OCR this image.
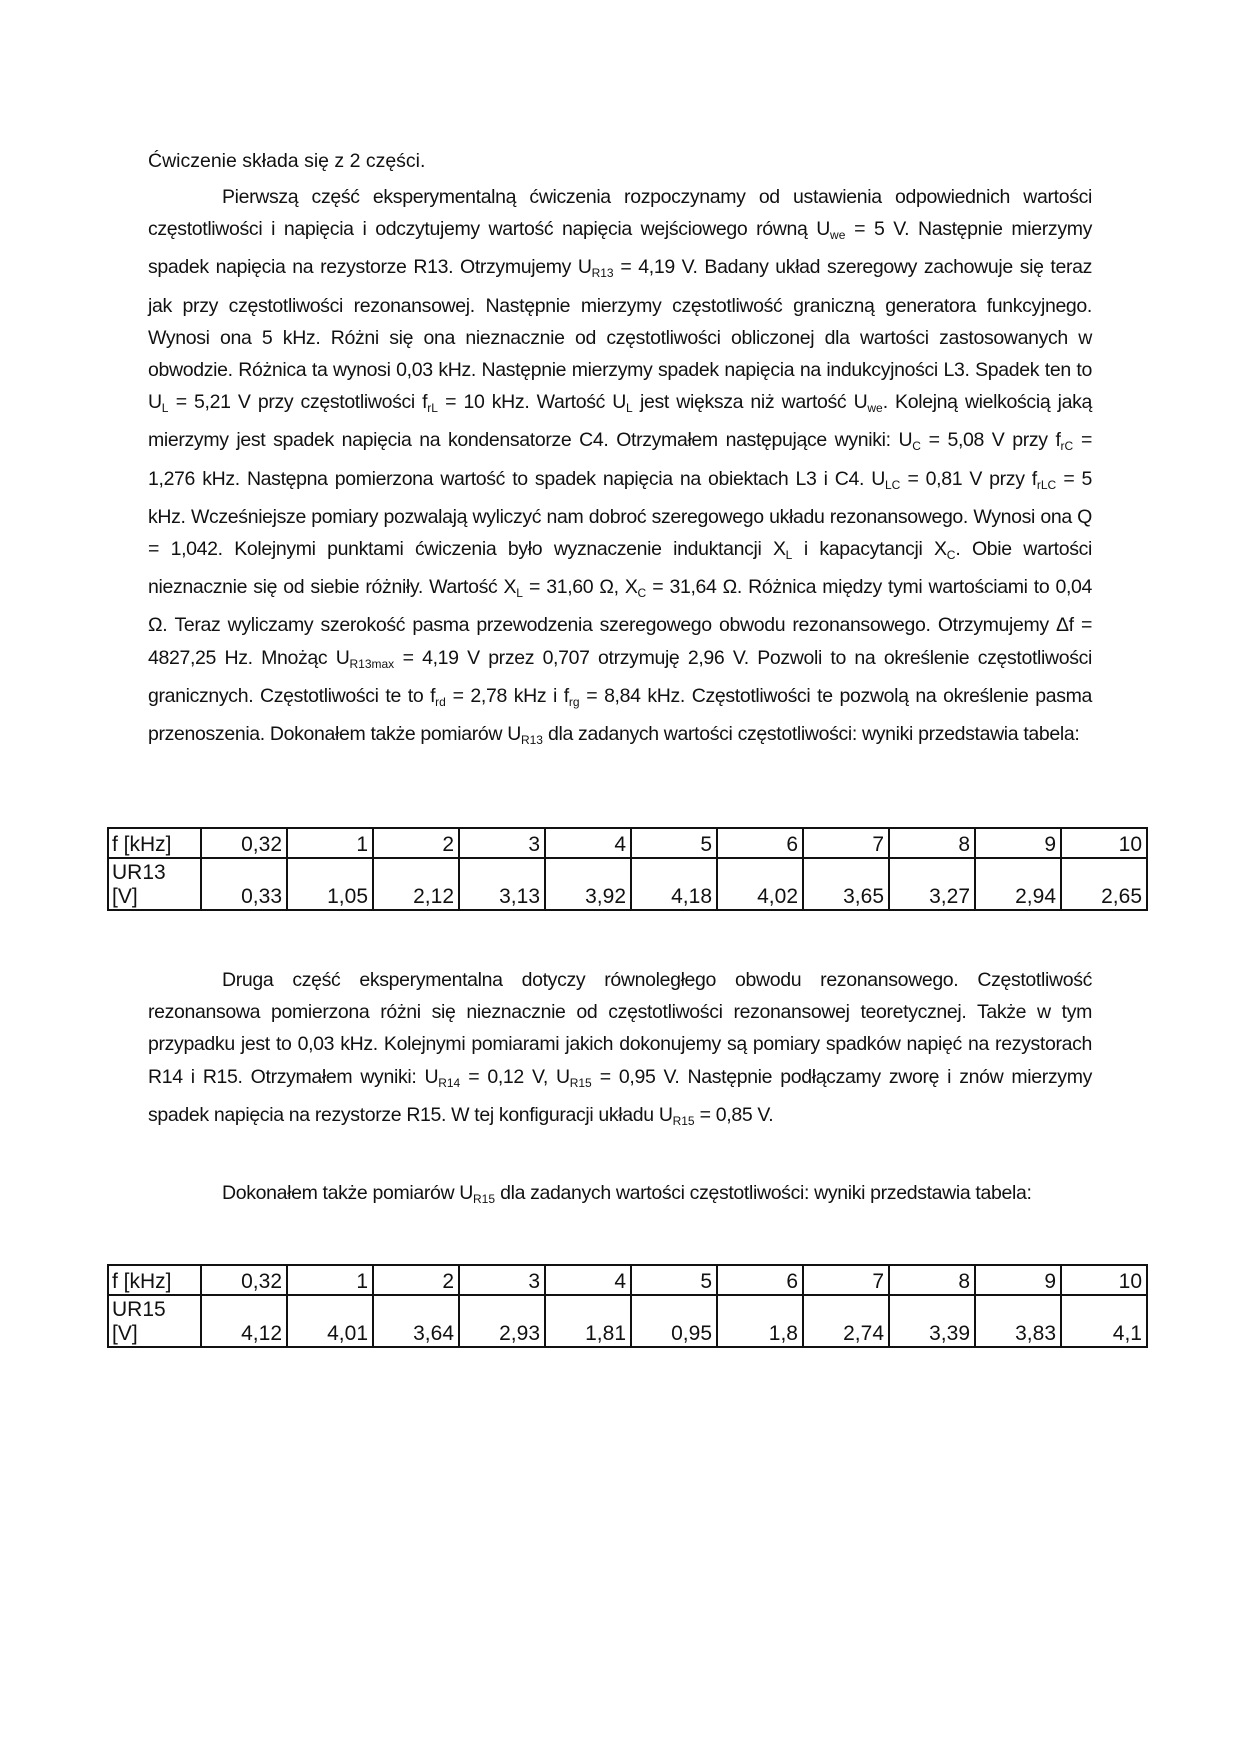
Ćwiczenie składa się z 2 części.

Pierwszą część eksperymentalną ćwiczenia rozpoczynamy od ustawienia odpowiednich wartości częstotliwości i napięcia i odczytujemy wartość napięcia wejściowego równą $U_{we} = 5$ V. Następnie mierzymy spadek napięcia na rezystorze R13. Otrzymujemy $U_{R13} = 4,19$ V. Badany układ szeregowy zachowuje się teraz jak przy częstotliwości rezonansowej. Następnie mierzymy częstotliwość graniczną generatora funkcyjnego. Wynosi ona 5 kHz. Różni się ona nieznacznie od częstotliwości obliczonej dla wartości zastosowanych w obwodzie. Różnica ta wynosi 0,03 kHz. Następnie mierzymy spadek napięcia na indukcyjności L3. Spadek ten to $U_L = 5,21$ V przy częstotliwości $f_{rL} = 10$ kHz. Wartość $U_L$ jest większa niż wartość $U_{we}$. Kolejną wielkością jaką mierzymy jest spadek napięcia na kondensatorze C4. Otrzymałem następujące wyniki: $U_C = 5,08$ V przy $f_{rC} = 1,276$ kHz. Następna pomierzona wartość to spadek napięcia na obiektach L3 i C4. $U_{LC} = 0,81$ V przy $f_{rLC} = 5$ kHz. Wcześniejsze pomiary pozwalają wyliczyć nam dobroć szeregowego układu rezonansowego. Wynosi ona Q = 1,042. Kolejnymi punktami ćwiczenia było wyznaczenie induktancji $X_L$ i kapacytancji $X_C$. Obie wartości nieznacznie się od siebie różniły. Wartość $X_L = 31,60$ Ω, $X_C = 31,64$ Ω. Różnica między tymi wartościami to 0,04 Ω. Teraz wyliczamy szerokość pasma przewodzenia szeregowego obwodu rezonansowego. Otrzymujemy Δf = 4827,25 Hz. Mnożąc $U_{R13max} = 4,19$ V przez 0,707 otrzymuję 2,96 V. Pozwoli to na określenie częstotliwości granicznych. Częstotliwości te to $f_{rd} = 2,78$ kHz i $f_{rg} = 8,84$ kHz. Częstotliwości te pozwolą na określenie pasma przenoszenia. Dokonałem także pomiarów $U_{R13}$ dla zadanych wartości częstotliwości: wyniki przedstawia tabela:

f [kHz]	0,32	1	2	3	4	5	6	7	8	9	10

UR13
[V]	0,33	1,05	2,12	3,13	3,92	4,18	4,02	3,65	3,27	2,94	2,65

Druga część eksperymentalna dotyczy równoległego obwodu rezonansowego. Częstotliwość rezonansowa pomierzona różni się nieznacznie od częstotliwości rezonansowej teoretycznej. Także w tym przypadku jest to 0,03 kHz. Kolejnymi pomiarami jakich dokonujemy są pomiary spadków napięć na rezystorach R14 i R15. Otrzymałem wyniki: $U_{R14} = 0,12$ V, $U_{R15} = 0,95$ V. Następnie podłączamy zworę i znów mierzymy spadek napięcia na rezystorze R15. W tej konfiguracji układu $U_{R15} = 0,85$ V.

Dokonałem także pomiarów $U_{R15}$ dla zadanych wartości częstotliwości: wyniki przedstawia tabela:

f [kHz]	0,32	1	2	3	4	5	6	7	8	9	10

UR15
[V]	4,12	4,01	3,64	2,93	1,81	0,95	1,8	2,74	3,39	3,83	4,1
